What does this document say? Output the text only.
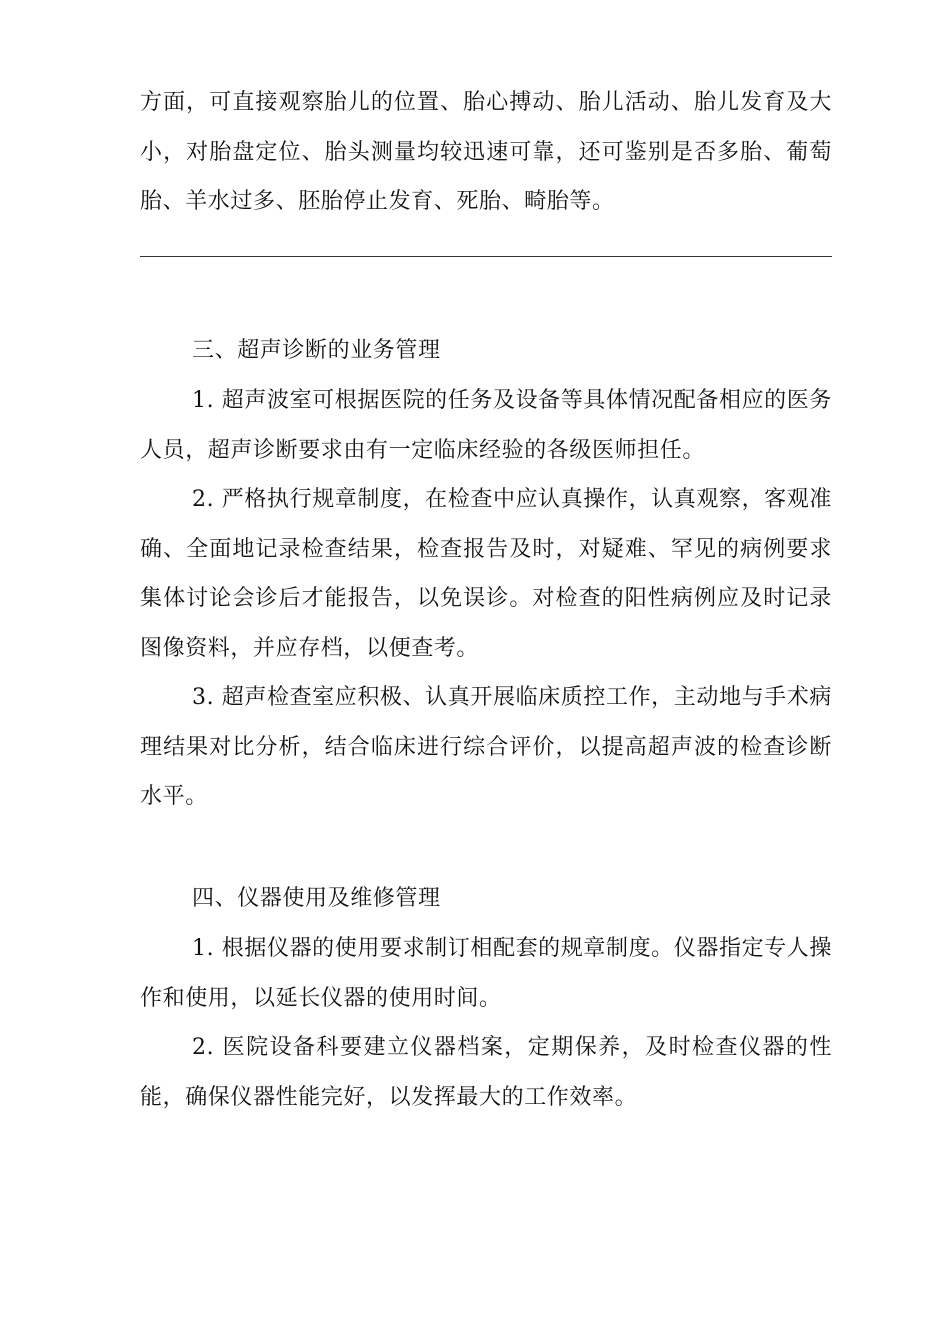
方面，可直接观察胎儿的位置、胎心搏动、胎儿活动、胎儿发育及大小，对胎盘定位、胎头测量均较迅速可靠，还可鉴别是否多胎、葡萄胎、羊水过多、胚胎停止发育、死胎、畸胎等。

三、超声诊断的业务管理

1. 超声波室可根据医院的任务及设备等具体情况配备相应的医务人员，超声诊断要求由有一定临床经验的各级医师担任。

2. 严格执行规章制度，在检查中应认真操作，认真观察，客观准确、全面地记录检查结果，检查报告及时，对疑难、罕见的病例要求集体讨论会诊后才能报告，以免误诊。对检查的阳性病例应及时记录图像资料，并应存档，以便查考。

3. 超声检查室应积极、认真开展临床质控工作，主动地与手术病理结果对比分析，结合临床进行综合评价，以提高超声波的检查诊断水平。

四、仪器使用及维修管理

1. 根据仪器的使用要求制订相配套的规章制度。仪器指定专人操作和使用，以延长仪器的使用时间。

2. 医院设备科要建立仪器档案，定期保养，及时检查仪器的性能，确保仪器性能完好，以发挥最大的工作效率。
